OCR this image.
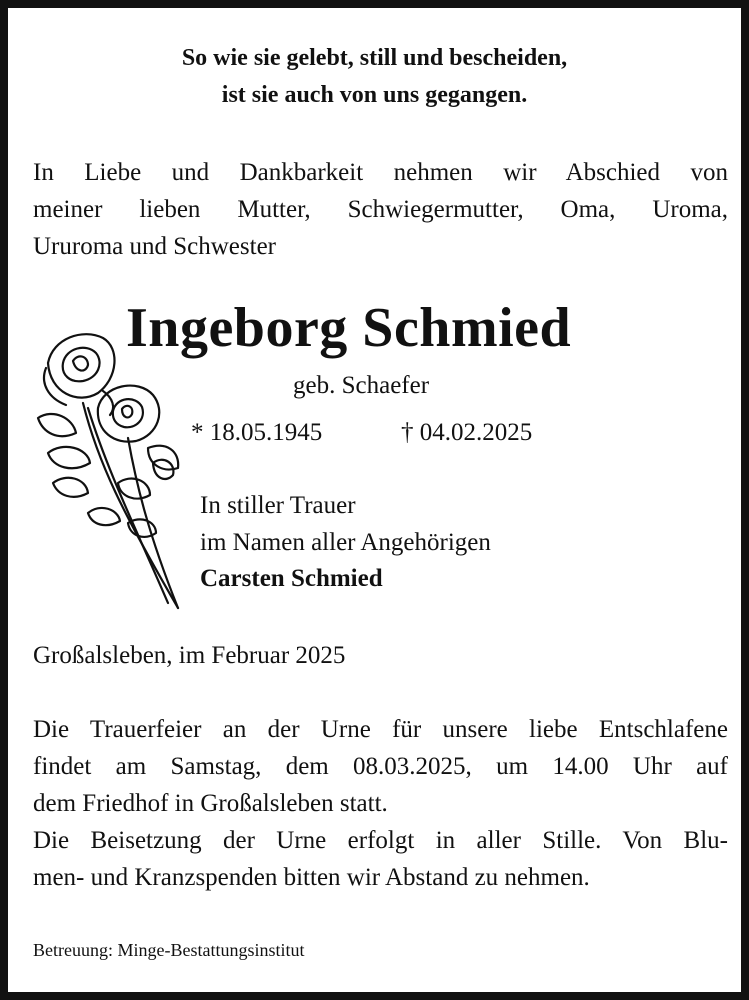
So wie sie gelebt, still und bescheiden,
ist sie auch von uns gegangen.
In Liebe und Dankbarkeit nehmen wir Abschied von
meiner lieben Mutter, Schwiegermutter, Oma, Uroma,
Ururoma und Schwester
Ingeborg Schmied
geb. Schaefer
* 18.05.1945	† 04.02.2025
In stiller Trauer
im Namen aller Angehörigen
Carsten Schmied
Großalsleben, im Februar 2025
Die Trauerfeier an der Urne für unsere liebe Entschlafene
findet am Samstag, dem 08.03.2025, um 14.00 Uhr auf
dem Friedhof in Großalsleben statt.
Die Beisetzung der Urne erfolgt in aller Stille. Von Blu-
men- und Kranzspenden bitten wir Abstand zu nehmen.
Betreuung: Minge-Bestattungsinstitut
